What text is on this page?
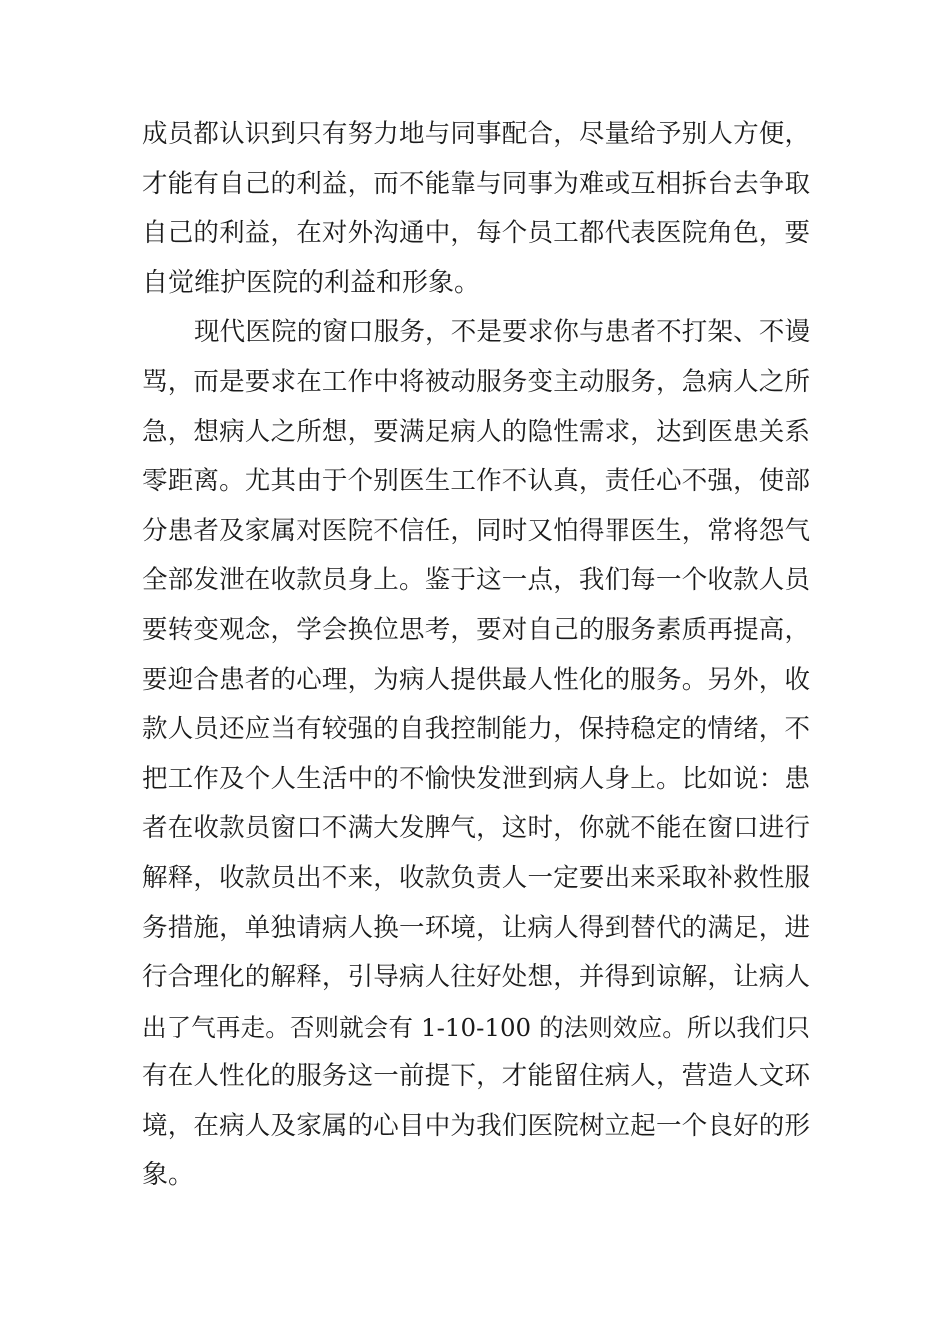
成员都认识到只有努力地与同事配合，尽量给予别人方便，
才能有自己的利益，而不能靠与同事为难或互相拆台去争取
自己的利益，在对外沟通中，每个员工都代表医院角色，要
自觉维护医院的利益和形象。
现代医院的窗口服务，不是要求你与患者不打架、不谩
骂，而是要求在工作中将被动服务变主动服务，急病人之所
急，想病人之所想，要满足病人的隐性需求，达到医患关系
零距离。尤其由于个别医生工作不认真，责任心不强，使部
分患者及家属对医院不信任，同时又怕得罪医生，常将怨气
全部发泄在收款员身上。鉴于这一点，我们每一个收款人员
要转变观念，学会换位思考，要对自己的服务素质再提高，
要迎合患者的心理，为病人提供最人性化的服务。另外，收
款人员还应当有较强的自我控制能力，保持稳定的情绪，不
把工作及个人生活中的不愉快发泄到病人身上。比如说：患
者在收款员窗口不满大发脾气，这时，你就不能在窗口进行
解释，收款员出不来，收款负责人一定要出来采取补救性服
务措施，单独请病人换一环境，让病人得到替代的满足，进
行合理化的解释，引导病人往好处想，并得到谅解，让病人
出了气再走。否则就会有 1-10-100 的法则效应。所以我们只
有在人性化的服务这一前提下，才能留住病人，营造人文环
境，在病人及家属的心目中为我们医院树立起一个良好的形
象。
